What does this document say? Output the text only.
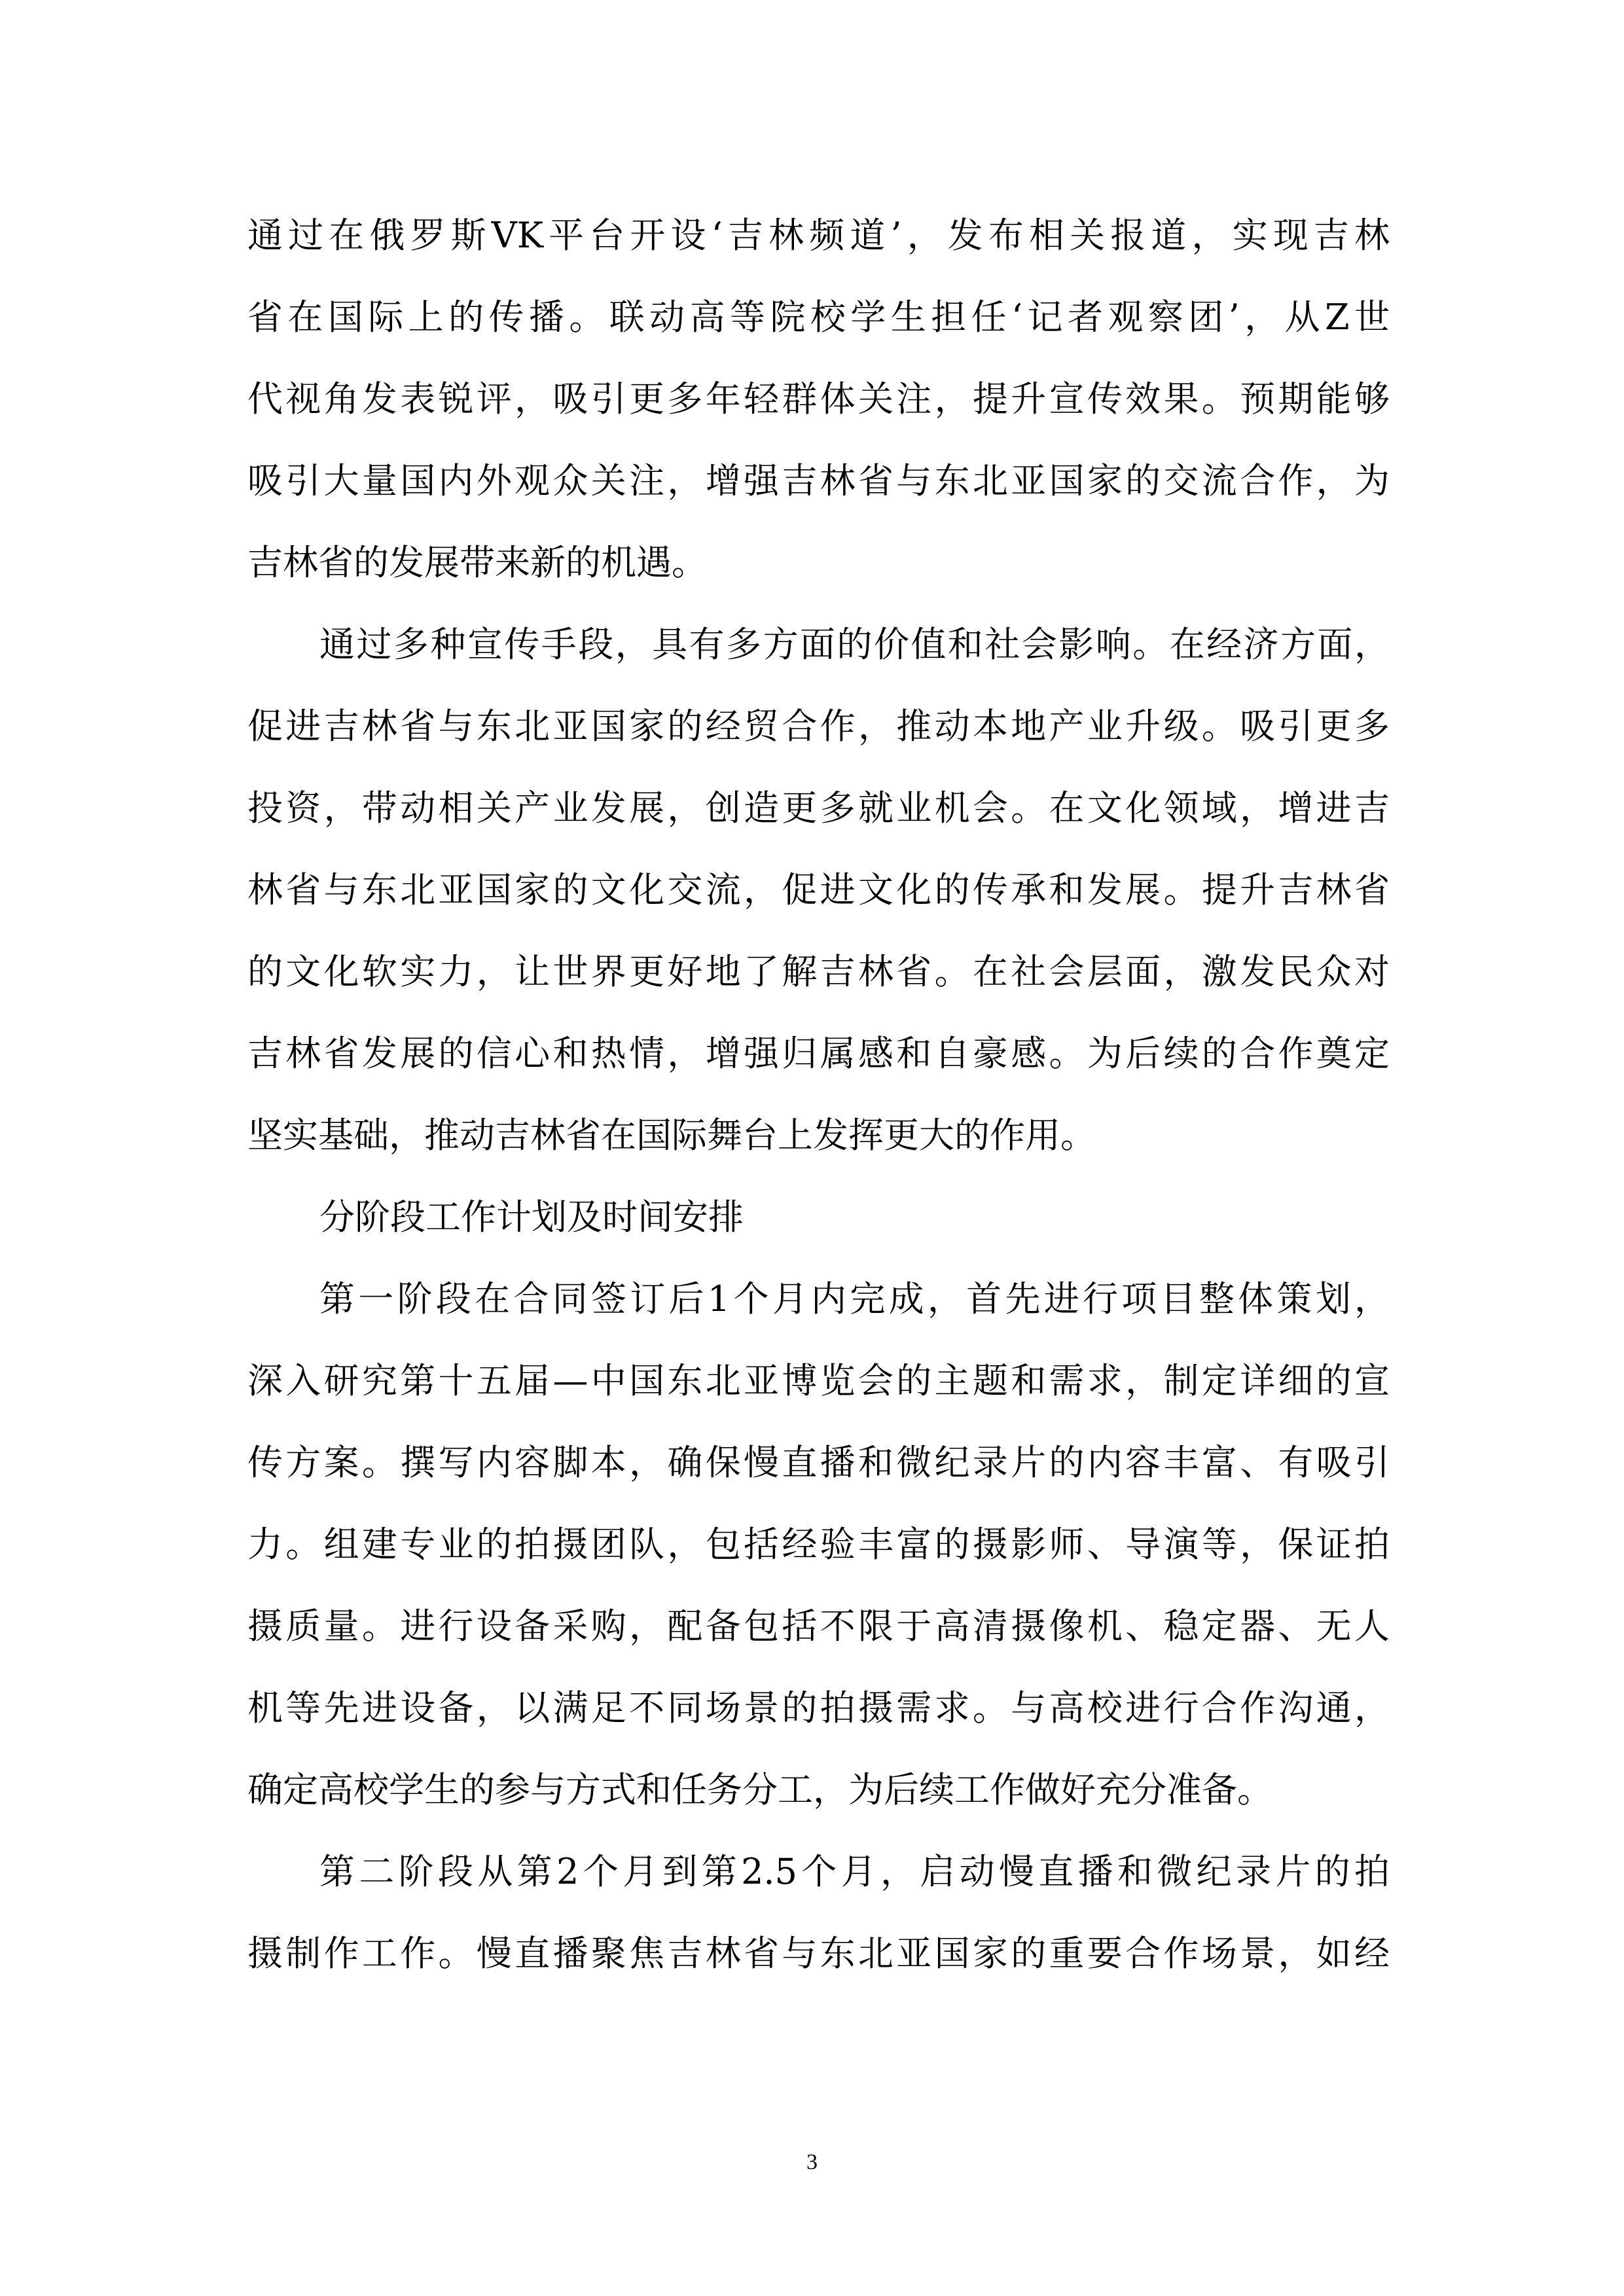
通过在俄罗斯VK平台开设‘吉林频道’，发布相关报道，实现吉林
省在国际上的传播。联动高等院校学生担任‘记者观察团’，从Z世
代视角发表锐评，吸引更多年轻群体关注，提升宣传效果。预期能够
吸引大量国内外观众关注，增强吉林省与东北亚国家的交流合作，为
吉林省的发展带来新的机遇。
通过多种宣传手段，具有多方面的价值和社会影响。在经济方面，
促进吉林省与东北亚国家的经贸合作，推动本地产业升级。吸引更多
投资，带动相关产业发展，创造更多就业机会。在文化领域，增进吉
林省与东北亚国家的文化交流，促进文化的传承和发展。提升吉林省
的文化软实力，让世界更好地了解吉林省。在社会层面，激发民众对
吉林省发展的信心和热情，增强归属感和自豪感。为后续的合作奠定
坚实基础，推动吉林省在国际舞台上发挥更大的作用。
分阶段工作计划及时间安排
第一阶段在合同签订后1个月内完成，首先进行项目整体策划，
深入研究第十五届—中国东北亚博览会的主题和需求，制定详细的宣
传方案。撰写内容脚本，确保慢直播和微纪录片的内容丰富、有吸引
力。组建专业的拍摄团队，包括经验丰富的摄影师、导演等，保证拍
摄质量。进行设备采购，配备包括不限于高清摄像机、稳定器、无人
机等先进设备，以满足不同场景的拍摄需求。与高校进行合作沟通，
确定高校学生的参与方式和任务分工，为后续工作做好充分准备。
第二阶段从第2个月到第2.5个月，启动慢直播和微纪录片的拍
摄制作工作。慢直播聚焦吉林省与东北亚国家的重要合作场景，如经
3
